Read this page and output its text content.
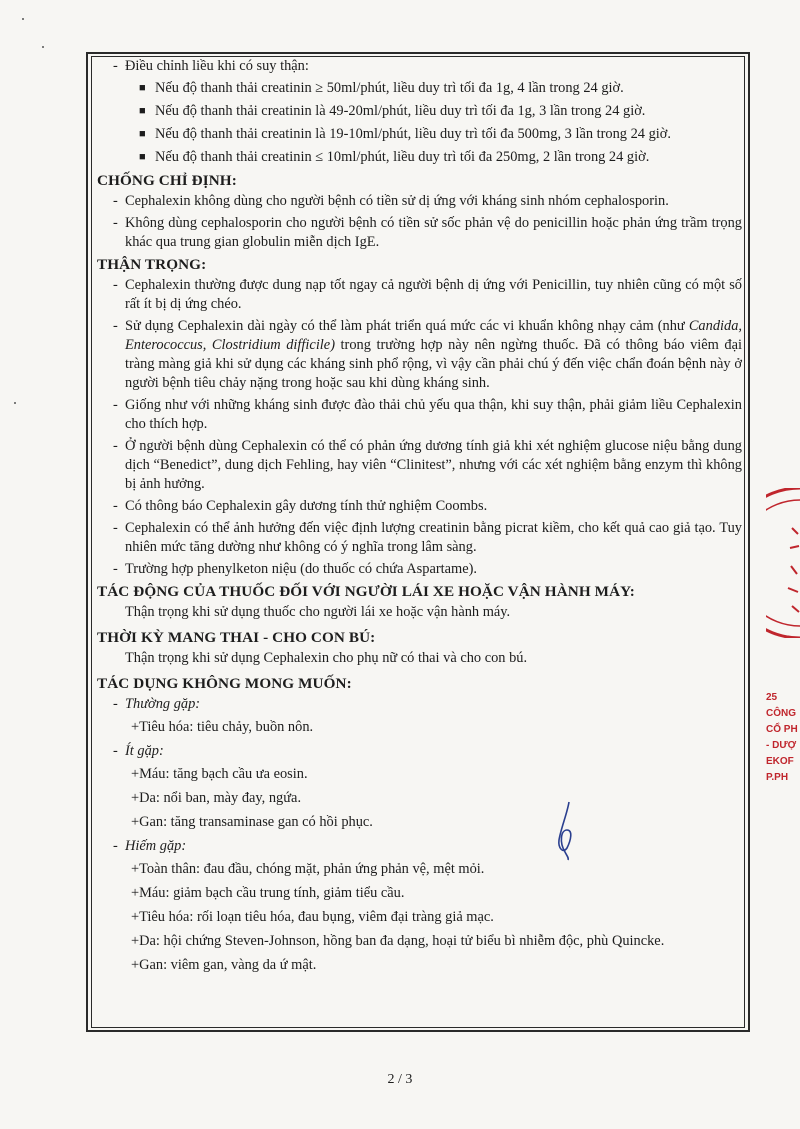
- Điều chỉnh liều khi có suy thận:
■ Nếu độ thanh thải creatinin ≥ 50ml/phút, liều duy trì tối đa 1g, 4 lần trong 24 giờ.
■ Nếu độ thanh thải creatinin là 49-20ml/phút, liều duy trì tối đa 1g, 3 lần trong 24 giờ.
■ Nếu độ thanh thải creatinin là 19-10ml/phút, liều duy trì tối đa 500mg, 3 lần trong 24 giờ.
■ Nếu độ thanh thải creatinin ≤ 10ml/phút, liều duy trì tối đa 250mg, 2 lần trong 24 giờ.
CHỐNG CHỈ ĐỊNH:
- Cephalexin không dùng cho người bệnh có tiền sử dị ứng với kháng sinh nhóm cephalosporin.
- Không dùng cephalosporin cho người bệnh có tiền sử sốc phản vệ do penicillin hoặc phản ứng trầm trọng khác qua trung gian globulin miễn dịch IgE.
THẬN TRỌNG:
- Cephalexin thường được dung nạp tốt ngay cả người bệnh dị ứng với Penicillin, tuy nhiên cũng có một số rất ít bị dị ứng chéo.
- Sử dụng Cephalexin dài ngày có thể làm phát triển quá mức các vi khuẩn không nhạy cảm (như Candida, Enterococcus, Clostridium difficile) trong trường hợp này nên ngừng thuốc. Đã có thông báo viêm đại tràng màng giả khi sử dụng các kháng sinh phổ rộng, vì vậy cần phải chú ý đến việc chẩn đoán bệnh này ở người bệnh tiêu chảy nặng trong hoặc sau khi dùng kháng sinh.
- Giống như với những kháng sinh được đào thải chủ yếu qua thận, khi suy thận, phải giảm liều Cephalexin cho thích hợp.
- Ở người bệnh dùng Cephalexin có thể có phản ứng dương tính giả khi xét nghiệm glucose niệu bằng dung dịch “Benedict”, dung dịch Fehling, hay viên “Clinitest”, nhưng với các xét nghiệm bằng enzym thì không bị ảnh hưởng.
- Có thông báo Cephalexin gây dương tính thử nghiệm Coombs.
- Cephalexin có thể ảnh hưởng đến việc định lượng creatinin bằng picrat kiềm, cho kết quả cao giả tạo. Tuy nhiên mức tăng dường như không có ý nghĩa trong lâm sàng.
- Trường hợp phenylketon niệu (do thuốc có chứa Aspartame).
TÁC ĐỘNG CỦA THUỐC ĐỐI VỚI NGƯỜI LÁI XE HOẶC VẬN HÀNH MÁY:
Thận trọng khi sử dụng thuốc cho người lái xe hoặc vận hành máy.
THỜI KỲ MANG THAI - CHO CON BÚ:
Thận trọng khi sử dụng Cephalexin cho phụ nữ có thai và cho con bú.
TÁC DỤNG KHÔNG MONG MUỐN:
- Thường gặp:
+Tiêu hóa: tiêu chảy, buồn nôn.
- Ít gặp:
+Máu: tăng bạch cầu ưa eosin.
+Da: nổi ban, mày đay, ngứa.
+Gan: tăng transaminase gan có hồi phục.
- Hiếm gặp:
+Toàn thân: đau đầu, chóng mặt, phản ứng phản vệ, mệt mỏi.
+Máu: giảm bạch cầu trung tính, giảm tiểu cầu.
+Tiêu hóa: rối loạn tiêu hóa, đau bụng, viêm đại tràng giả mạc.
+Da: hội chứng Steven-Johnson, hồng ban đa dạng, hoại tử biểu bì nhiễm độc, phù Quincke.
+Gan: viêm gan, vàng da ứ mật.
25
CÔNG
CỔ PH
- DƯỢ
EKOF
P.PH
2 / 3
